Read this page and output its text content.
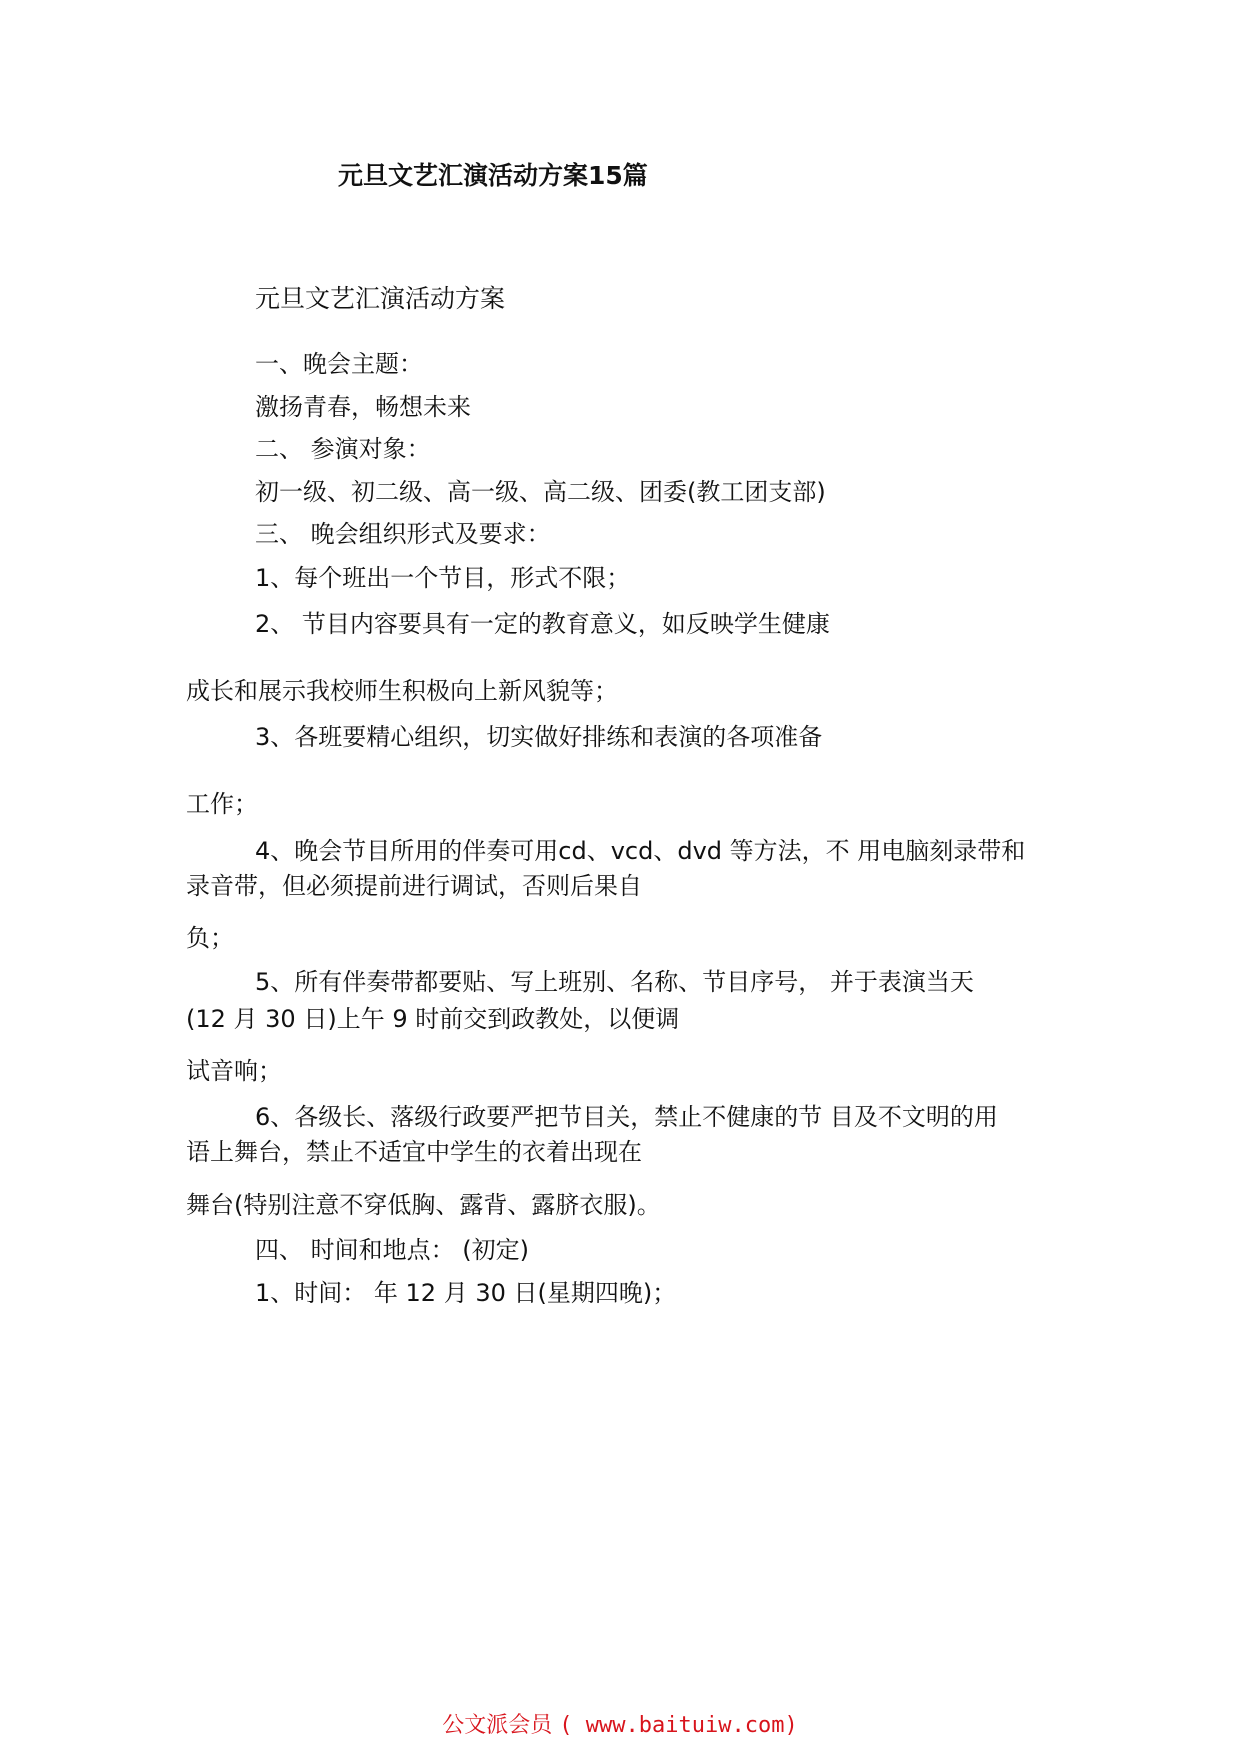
元旦文艺汇演活动方案15篇
元旦文艺汇演活动方案
一、晚会主题：
激扬青春，畅想未来
二、 参演对象：
初一级、初二级、高一级、高二级、团委(教工团支部)
三、 晚会组织形式及要求：
1、每个班出一个节目，形式不限；
2、 节目内容要具有一定的教育意义，如反映学生健康
成长和展示我校师生积极向上新风貌等；
3、各班要精心组织，切实做好排练和表演的各项准备
工作；
4、晚会节目所用的伴奏可用cd、vcd、dvd 等方法，不 用电脑刻录带和
录音带，但必须提前进行调试，否则后果自
负；
5、所有伴奏带都要贴、写上班别、名称、节目序号， 并于表演当天
(12 月 30 日)上午 9 时前交到政教处，以便调
试音响；
6、各级长、落级行政要严把节目关，禁止不健康的节 目及不文明的用
语上舞台，禁止不适宜中学生的衣着出现在
舞台(特别注意不穿低胸、露背、露脐衣服)。
四、 时间和地点： (初定)
1、时间： 年 12 月 30 日(星期四晚)；
公文派会员 ( www.baituiw.com)
